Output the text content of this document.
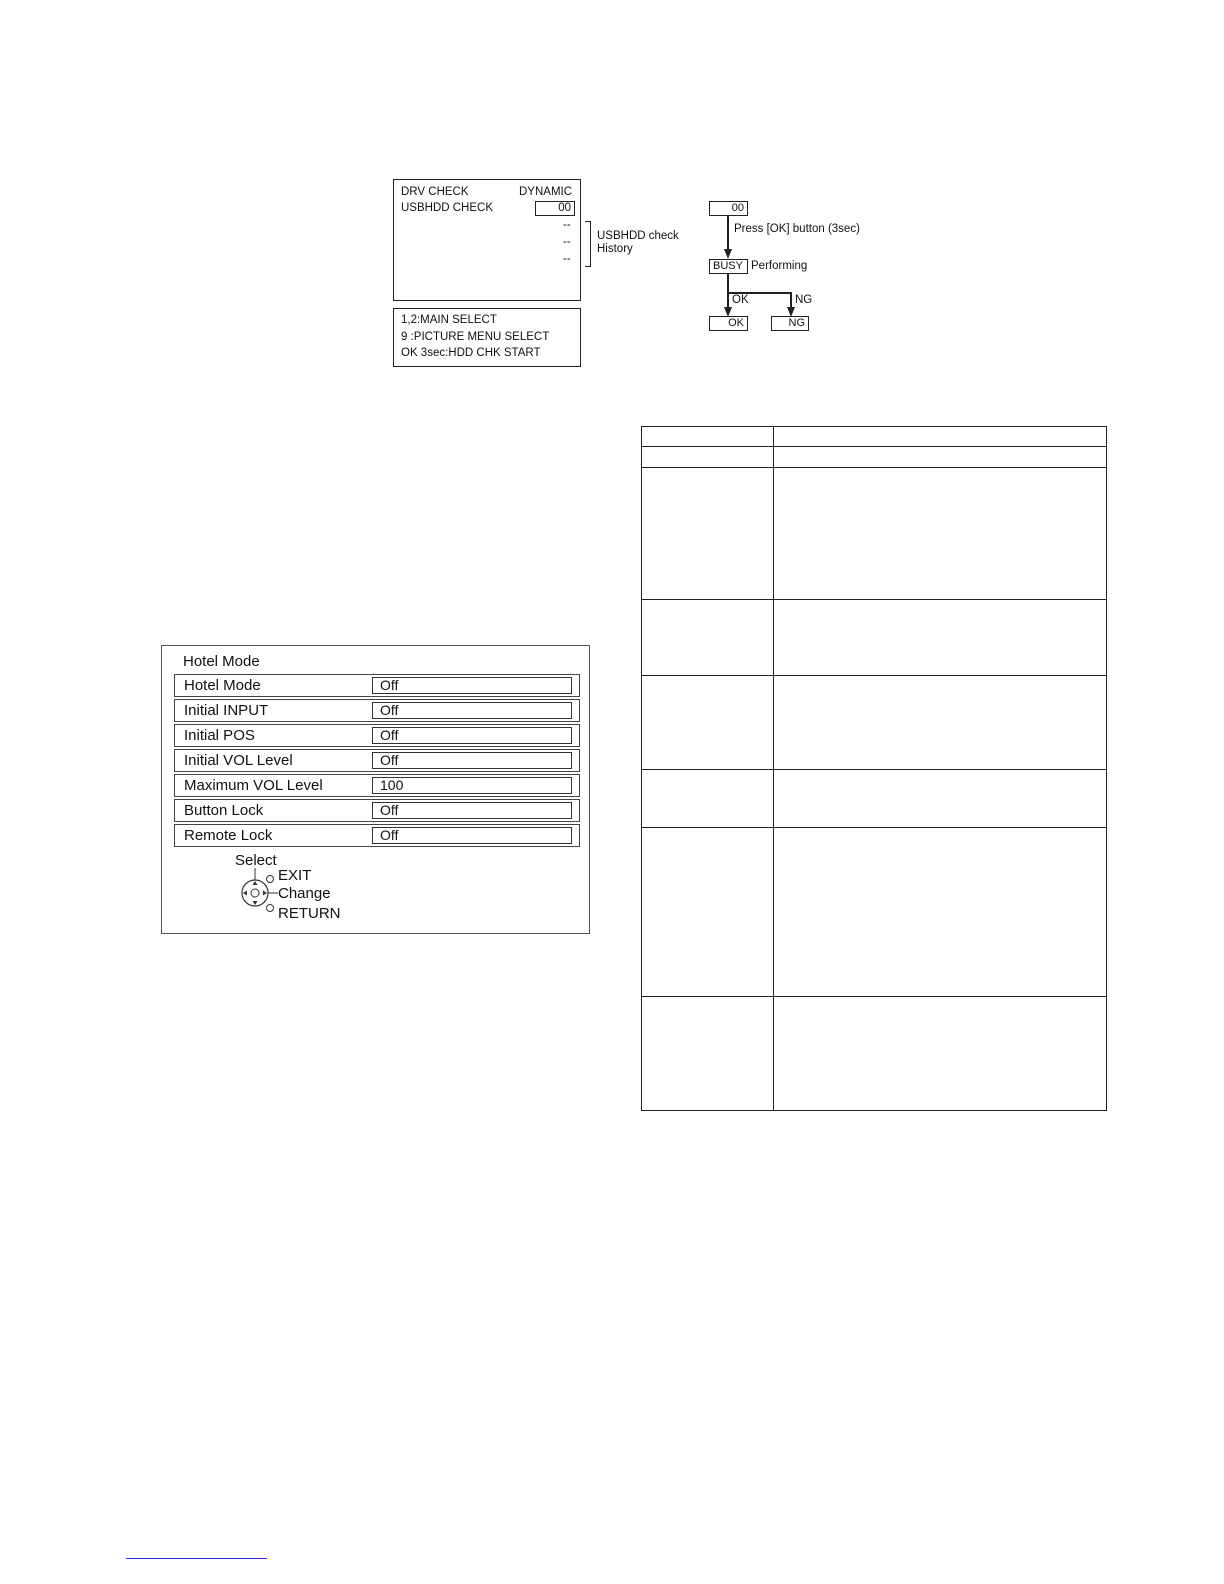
DRV CHECK	DYNAMIC
USBHDD CHECK	00
--
--
--
USBHDD check
History
1,2:MAIN SELECT
9 :PICTURE MENU SELECT
OK 3sec:HDD CHK START
00
Press [OK] button (3sec)
BUSY Performing
OK	NG
OK	NG
Hotel Mode
Hotel Mode	Off
Initial INPUT	Off
Initial POS	Off
Initial VOL Level	Off
Maximum VOL Level	100
Button Lock	Off
Remote Lock	Off
Select
EXIT
Change
RETURN
